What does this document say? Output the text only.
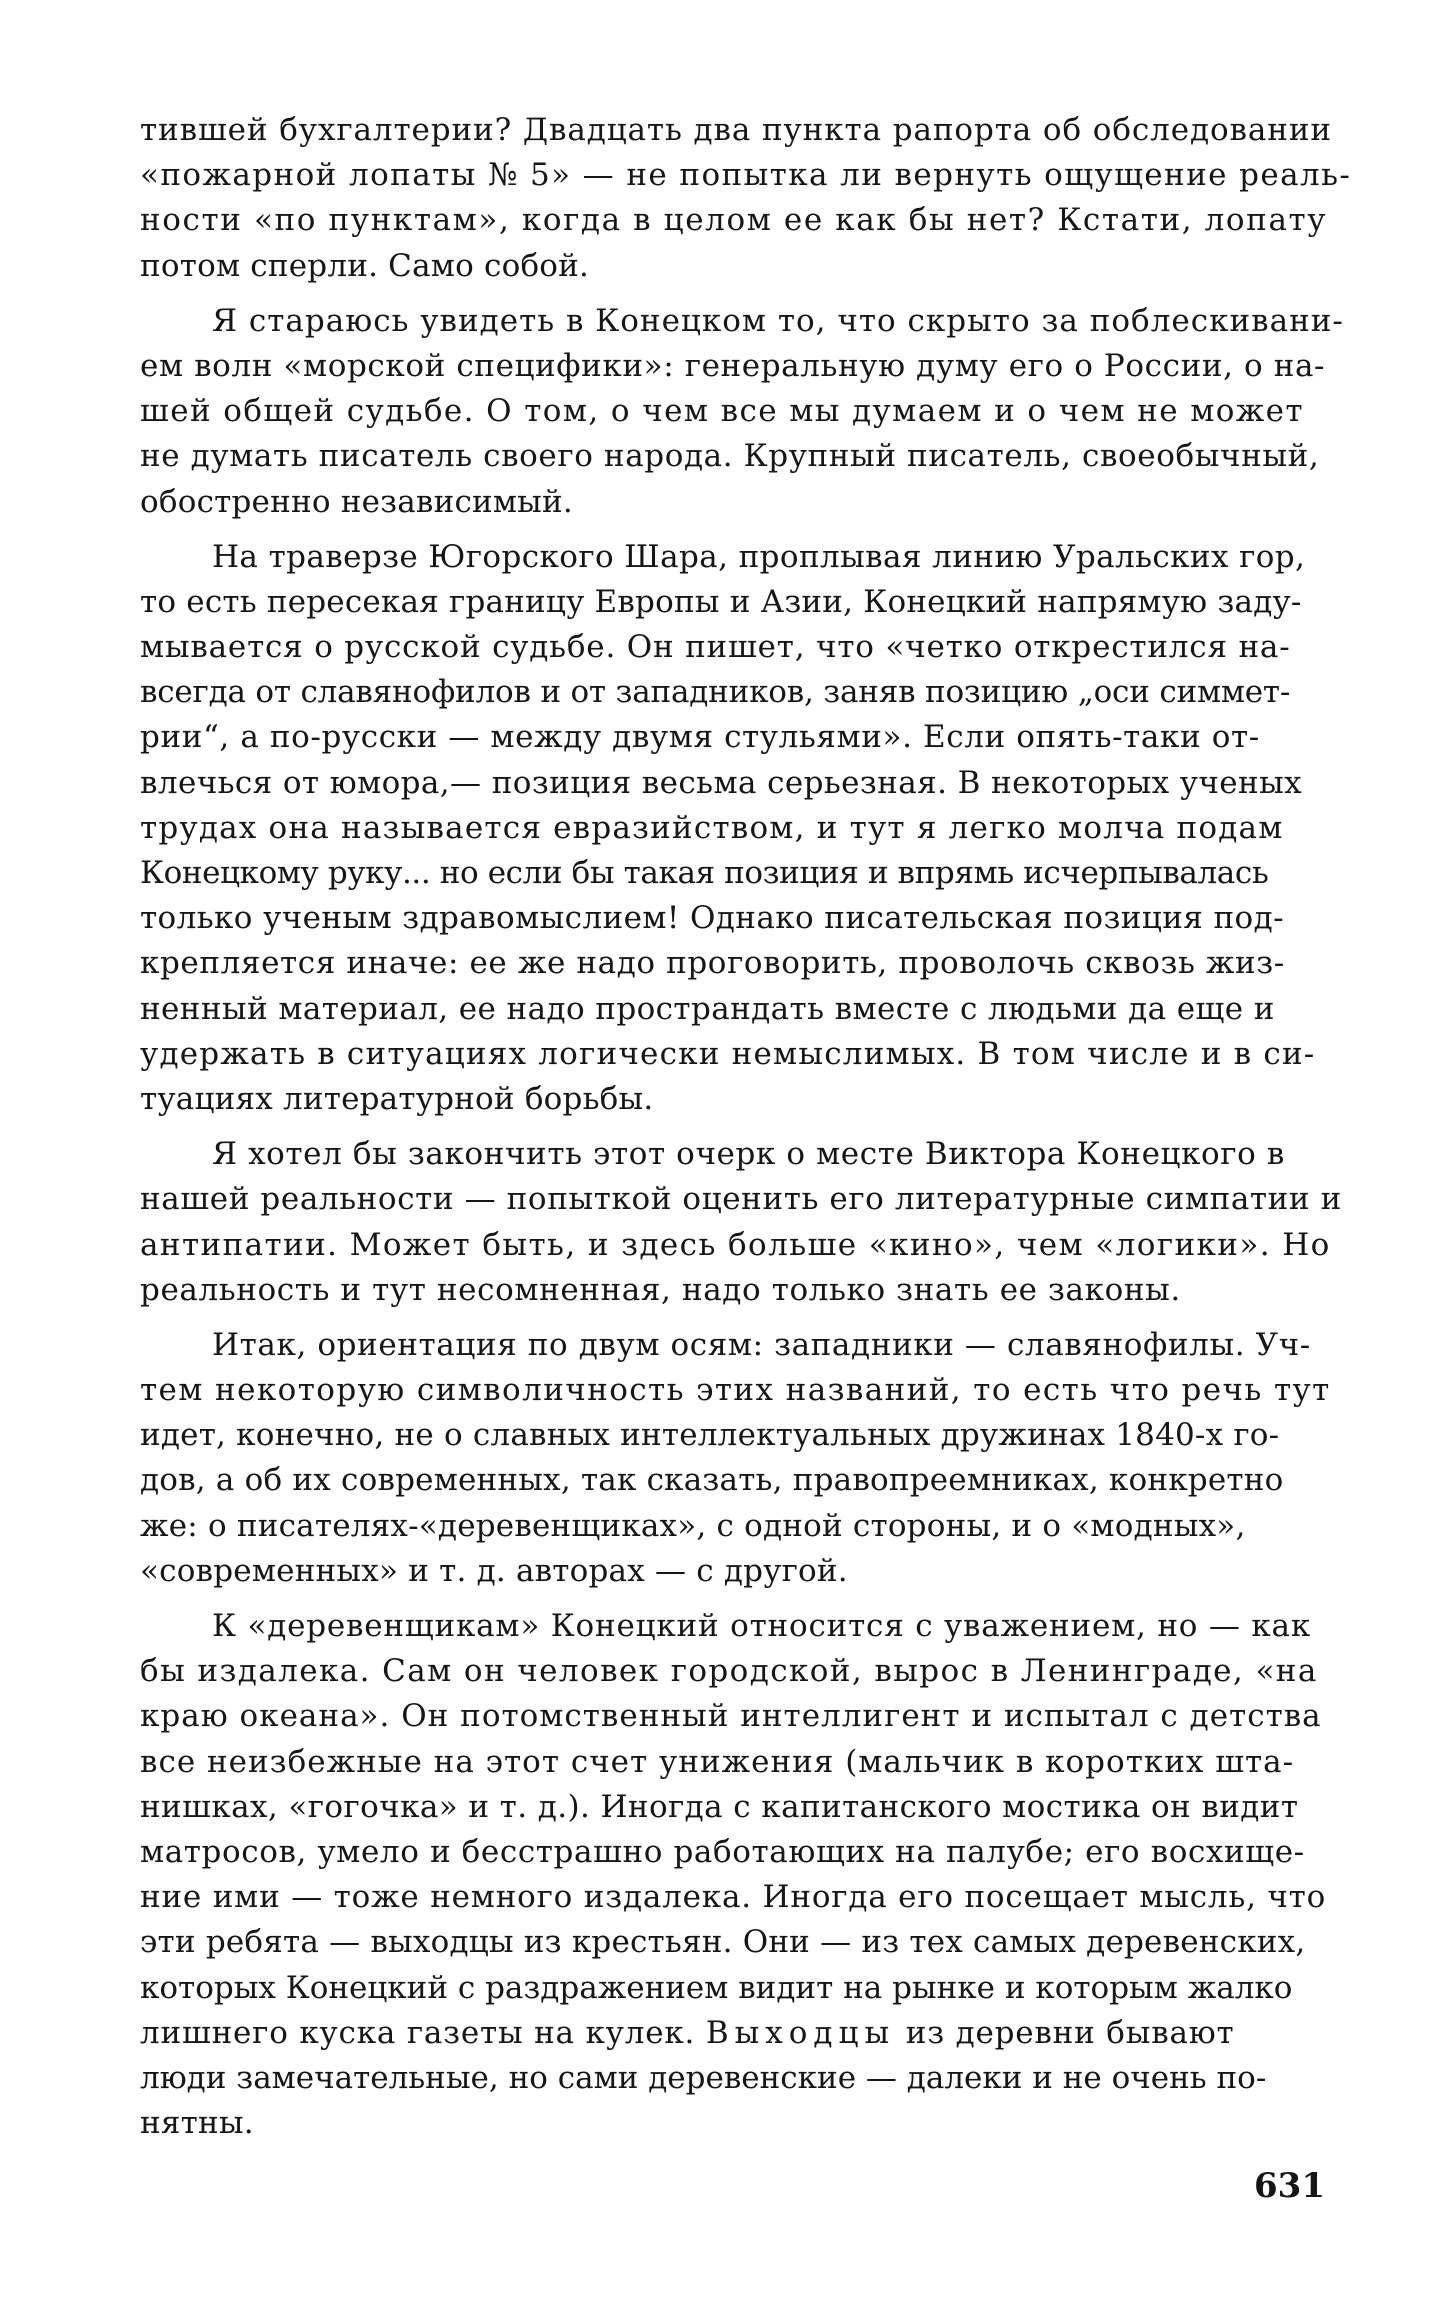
тившей бухгалтерии? Двадцать два пункта рапорта об обследовании
«пожарной лопаты № 5» — не попытка ли вернуть ощущение реаль-
ности «по пунктам», когда в целом ее как бы нет? Кстати, лопату
потом сперли. Само собой.
Я стараюсь увидеть в Конецком то, что скрыто за поблескивани-
ем волн «морской специфики»: генеральную думу его о России, о на-
шей общей судьбе. О том, о чем все мы думаем и о чем не может
не думать писатель своего народа. Крупный писатель, своеобычный,
обостренно независимый.
На траверзе Югорского Шара, проплывая линию Уральских гор,
то есть пересекая границу Европы и Азии, Конецкий напрямую заду-
мывается о русской судьбе. Он пишет, что «четко открестился на-
всегда от славянофилов и от западников, заняв позицию „оси симмет-
рии“, а по-русски — между двумя стульями». Если опять-таки от-
влечься от юмора,— позиция весьма серьезная. В некоторых ученых
трудах она называется евразийством, и тут я легко молча подам
Конецкому руку... но если бы такая позиция и впрямь исчерпывалась
только ученым здравомыслием! Однако писательская позиция под-
крепляется иначе: ее же надо проговорить, проволочь сквозь жиз-
ненный материал, ее надо пространдать вместе с людьми да еще и
удержать в ситуациях логически немыслимых. В том числе и в си-
туациях литературной борьбы.
Я хотел бы закончить этот очерк о месте Виктора Конецкого в
нашей реальности — попыткой оценить его литературные симпатии и
антипатии. Может быть, и здесь больше «кино», чем «логики». Но
реальность и тут несомненная, надо только знать ее законы.
Итак, ориентация по двум осям: западники — славянофилы. Уч-
тем некоторую символичность этих названий, то есть что речь тут
идет, конечно, не о славных интеллектуальных дружинах 1840-х го-
дов, а об их современных, так сказать, правопреемниках, конкретно
же: о писателях-«деревенщиках», с одной стороны, и о «модных»,
«современных» и т. д. авторах — с другой.
К «деревенщикам» Конецкий относится с уважением, но — как
бы издалека. Сам он человек городской, вырос в Ленинграде, «на
краю океана». Он потомственный интеллигент и испытал с детства
все неизбежные на этот счет унижения (мальчик в коротких шта-
нишках, «гогочка» и т. д.). Иногда с капитанского мостика он видит
матросов, умело и бесстрашно работающих на палубе; его восхище-
ние ими — тоже немного издалека. Иногда его посещает мысль, что
эти ребята — выходцы из крестьян. Они — из тех самых деревенских,
которых Конецкий с раздражением видит на рынке и которым жалко
лишнего куска газеты на кулек. Выходцы из деревни бывают
люди замечательные, но сами деревенские — далеки и не очень по-
нятны.
631
